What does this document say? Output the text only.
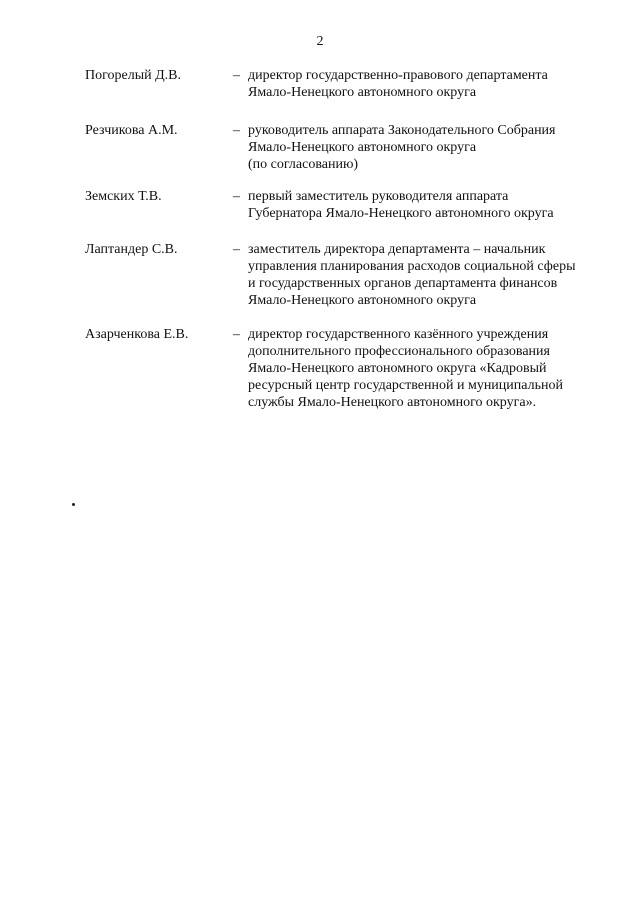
2
Погорелый Д.В.	– директор государственно-правового департамента
Ямало-Ненецкого автономного округа
Резчикова А.М.	– руководитель аппарата Законодательного Собрания
Ямало-Ненецкого автономного округа
(по согласованию)
Земских Т.В.	– первый заместитель руководителя аппарата
Губернатора Ямало-Ненецкого автономного округа
Лаптандер С.В.	– заместитель директора департамента – начальник
управления планирования расходов социальной сферы
и государственных органов департамента финансов
Ямало-Ненецкого автономного округа
Азарченкова Е.В.	– директор государственного казённого учреждения
дополнительного профессионального образования
Ямало-Ненецкого автономного округа «Кадровый
ресурсный центр государственной и муниципальной
службы Ямало-Ненецкого автономного округа».
